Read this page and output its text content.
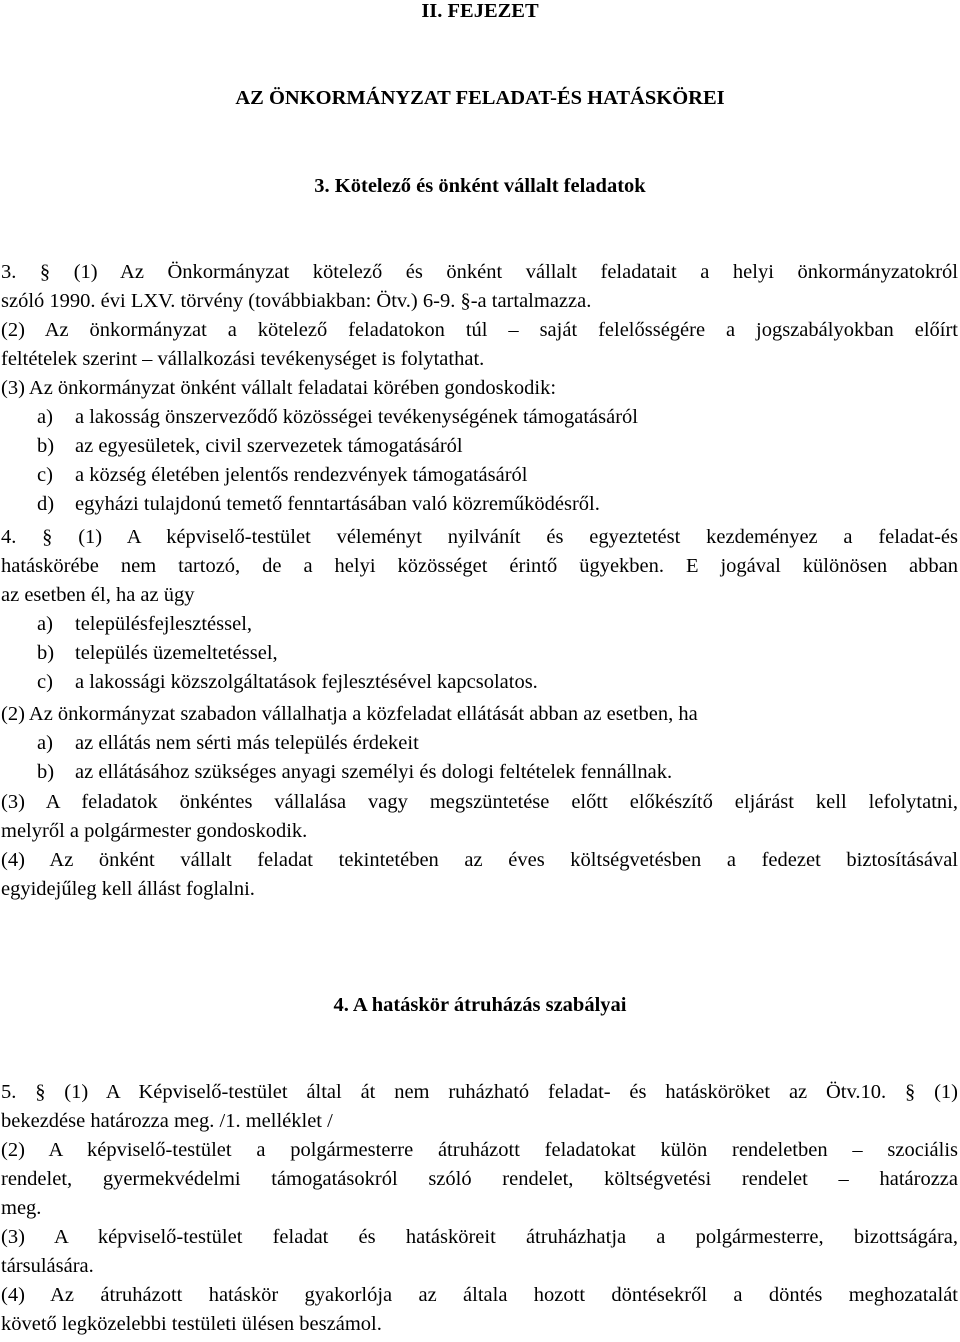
II. FEJEZET
AZ ÖNKORMÁNYZAT FELADAT-ÉS HATÁSKÖREI
3. Kötelező és önként vállalt feladatok
3. § (1) Az Önkormányzat kötelező és önként vállalt feladatait a helyi önkormányzatokról
szóló 1990. évi LXV. törvény (továbbiakban: Ötv.) 6-9. §-a tartalmazza.
(2) Az önkormányzat a kötelező feladatokon túl – saját felelősségére a jogszabályokban előírt
feltételek szerint – vállalkozási tevékenységet is folytathat.
(3) Az önkormányzat önként vállalt feladatai körében gondoskodik:
a) a lakosság önszerveződő közösségei tevékenységének támogatásáról
b) az egyesületek, civil szervezetek támogatásáról
c) a község életében jelentős rendezvények támogatásáról
d) egyházi tulajdonú temető fenntartásában való közreműködésről.
4. § (1) A képviselő-testület véleményt nyilvánít és egyeztetést kezdeményez a feladat-és
hatáskörébe nem tartozó, de a helyi közösséget érintő ügyekben. E jogával különösen abban
az esetben él, ha az ügy
a) településfejlesztéssel,
b) település üzemeltetéssel,
c) a lakossági közszolgáltatások fejlesztésével kapcsolatos.
(2) Az önkormányzat szabadon vállalhatja a közfeladat ellátását abban az esetben, ha
a) az ellátás nem sérti más település érdekeit
b) az ellátásához szükséges anyagi személyi és dologi feltételek fennállnak.
(3) A feladatok önkéntes vállalása vagy megszüntetése előtt előkészítő eljárást kell lefolytatni,
melyről a polgármester gondoskodik.
(4) Az önként vállalt feladat tekintetében az éves költségvetésben a fedezet biztosításával
egyidejűleg kell állást foglalni.
4. A hatáskör átruházás szabályai
5. § (1) A Képviselő-testület által át nem ruházható feladat- és hatásköröket az Ötv.10. § (1)
bekezdése határozza meg. /1. melléklet /
(2) A képviselő-testület a polgármesterre átruházott feladatokat külön rendeletben – szociális
rendelet, gyermekvédelmi támogatásokról szóló rendelet, költségvetési rendelet – határozza
meg.
(3) A képviselő-testület feladat és hatásköreit átruházhatja a polgármesterre, bizottságára,
társulására.
(4) Az átruházott hatáskör gyakorlója az általa hozott döntésekről a döntés meghozatalát
követő legközelebbi testületi ülésen beszámol.
